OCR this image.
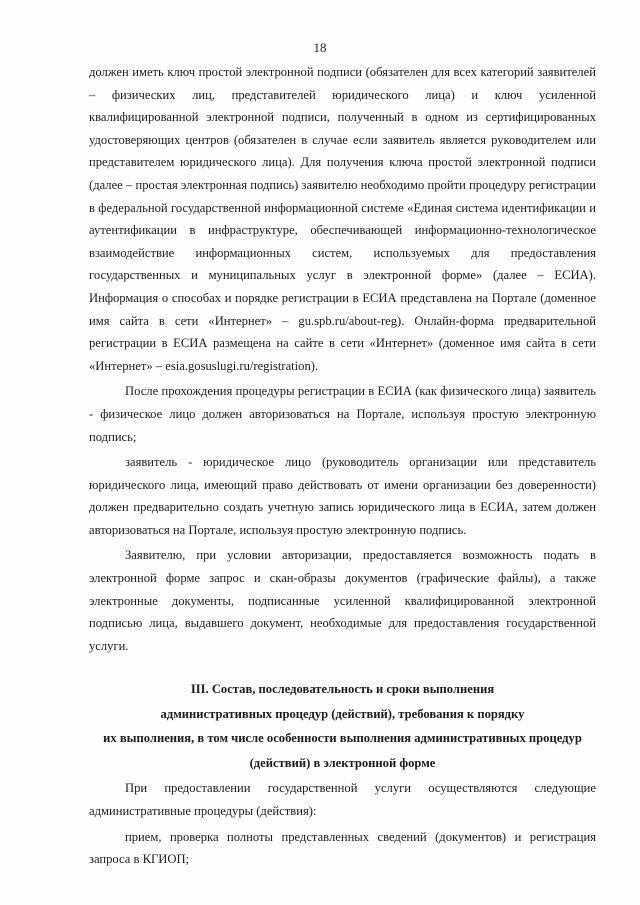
18

должен иметь ключ простой электронной подписи (обязателен для всех категорий заявителей – физических лиц, представителей юридического лица) и ключ усиленной квалифицированной электронной подписи, полученный в одном из сертифицированных удостоверяющих центров (обязателен в случае если заявитель является руководителем или представителем юридического лица). Для получения ключа простой электронной подписи (далее – простая электронная подпись) заявителю необходимо пройти процедуру регистрации в федеральной государственной информационной системе «Единая система идентификации и аутентификации в инфраструктуре, обеспечивающей информационно-технологическое взаимодействие информационных систем, используемых для предоставления государственных и муниципальных услуг в электронной форме» (далее – ЕСИА). Информация о способах и порядке регистрации в ЕСИА представлена на Портале (доменное имя сайта в сети «Интернет» – gu.spb.ru/about-reg). Онлайн-форма предварительной регистрации в ЕСИА размещена на сайте в сети «Интернет» (доменное имя сайта в сети «Интернет» – esia.gosuslugi.ru/registration).

После прохождения процедуры регистрации в ЕСИА (как физического лица) заявитель - физическое лицо должен авторизоваться на Портале, используя простую электронную подпись;

заявитель - юридическое лицо (руководитель организации или представитель юридического лица, имеющий право действовать от имени организации без доверенности) должен предварительно создать учетную запись юридического лица в ЕСИА, затем должен авторизоваться на Портале, используя простую электронную подпись.

Заявителю, при условии авторизации, предоставляется возможность подать в электронной форме запрос и скан-образы документов (графические файлы), а также электронные документы, подписанные усиленной квалифицированной электронной подписью лица, выдавшего документ, необходимые для предоставления государственной услуги.

III. Состав, последовательность и сроки выполнения
административных процедур (действий), требования к порядку
их выполнения, в том числе особенности выполнения административных процедур
(действий) в электронной форме

При предоставлении государственной услуги осуществляются следующие административные процедуры (действия):

прием, проверка полноты представленных сведений (документов) и регистрация запроса в КГИОП;
